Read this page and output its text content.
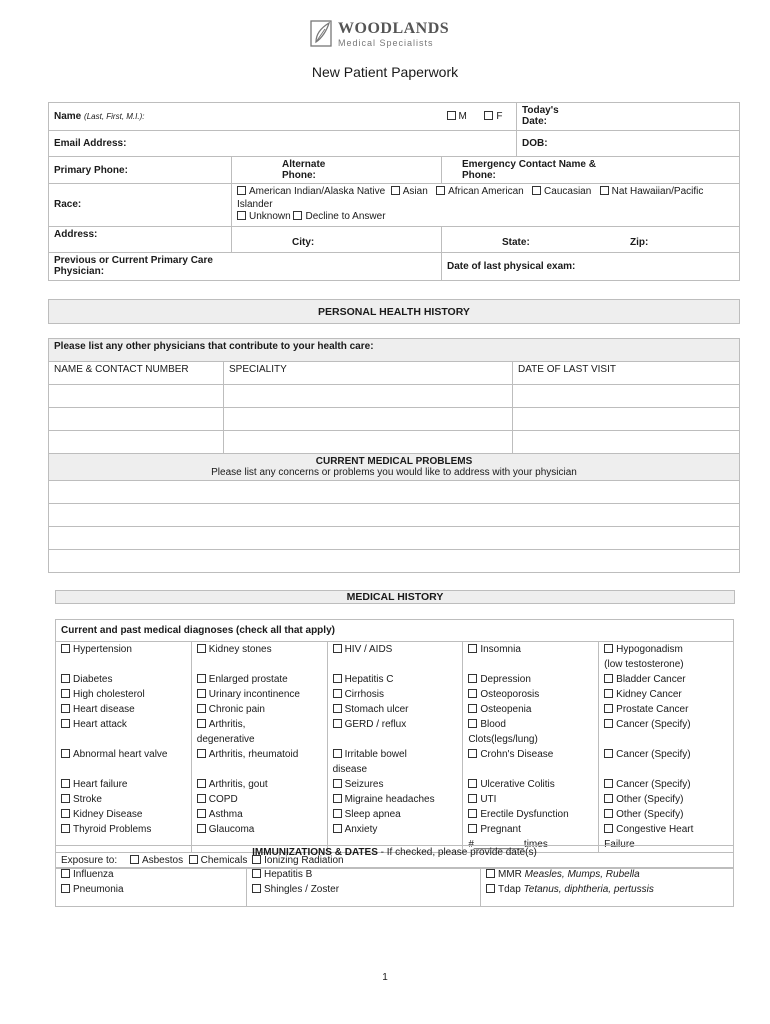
WOODLANDS
Medical Specialists
New Patient Paperwork
Name (Last, First, M.I.):		M F	Today's Date:
Email Address:			DOB:
Primary Phone:	Alternate Phone:	Emergency Contact Name & Phone:	
Race:	American Indian/Alaska Native Asian African American Caucasian Nat Hawaiian/Pacific
Islander
Unknown Decline to Answer		
Address:	City:	State: Zip:	
Previous or Current Primary Care Physician:		Date of last physical exam:	
PERSONAL HEALTH HISTORY
Please list any other physicians that contribute to your health care:		
NAME & CONTACT NUMBER	SPECIALITY	DATE OF LAST VISIT

CURRENT MEDICAL PROBLEMS
Please list any concerns or problems you would like to address with your physician		

MEDICAL HISTORY
Current and past medical diagnoses (check all that apply)				
Hypertension	Kidney stones	HIV / AIDS	Insomnia	Hypogonadism
				(low testosterone)
Diabetes	Enlarged prostate	Hepatitis C	Depression	Bladder Cancer
High cholesterol	Urinary incontinence	Cirrhosis	Osteoporosis	Kidney Cancer
Heart disease	Chronic pain	Stomach ulcer	Osteopenia	Prostate Cancer
Heart attack	Arthritis,	GERD / reflux	Blood	Cancer (Specify)
	degenerative		Clots(legs/lung)	
Abnormal heart valve	Arthritis, rheumatoid	Irritable bowel	Crohn's Disease	Cancer (Specify)
		disease		
Heart failure	Arthritis, gout	Seizures	Ulcerative Colitis	Cancer (Specify)
Stroke	COPD	Migraine headaches	UTI	Other (Specify)
Kidney Disease	Asthma	Sleep apnea	Erectile Dysfunction	Other (Specify)
Thyroid Problems	Glaucoma	Anxiety	Pregnant	Congestive Heart
			#_________times	Failure
Exposure to: Asbestos Chemicals Ionizing Radiation				
IMMUNIZATIONS & DATES - If checked, please provide date(s)
Influenza	Hepatitis B	MMR Measles, Mumps, Rubella
Pneumonia	Shingles / Zoster	Tdap Tetanus, diphtheria, pertussis
1
